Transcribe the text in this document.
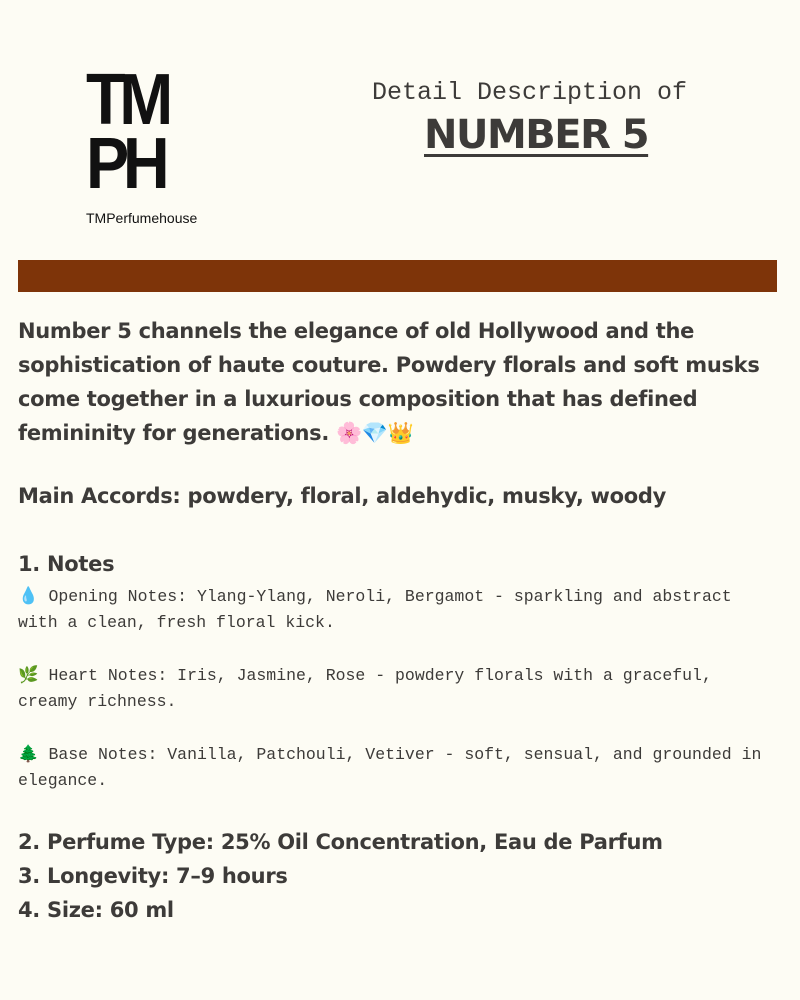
TM
PH
TMPerfumehouse
Detail Description of
NUMBER 5

Number 5 channels the elegance of old Hollywood and the sophistication of haute couture. Powdery florals and soft musks come together in a luxurious composition that has defined femininity for generations. 🌸💎👑

Main Accords: powdery, floral, aldehydic, musky, woody
1. Notes

💧 Opening Notes: Ylang-Ylang, Neroli, Bergamot - sparkling and abstract with a clean, fresh floral kick.

🌿 Heart Notes: Iris, Jasmine, Rose - powdery florals with a graceful, creamy richness.

🌲 Base Notes: Vanilla, Patchouli, Vetiver - soft, sensual, and grounded in elegance.

2. Perfume Type: 25% Oil Concentration, Eau de Parfum
3. Longevity: 7–9 hours
4. Size: 60 ml
